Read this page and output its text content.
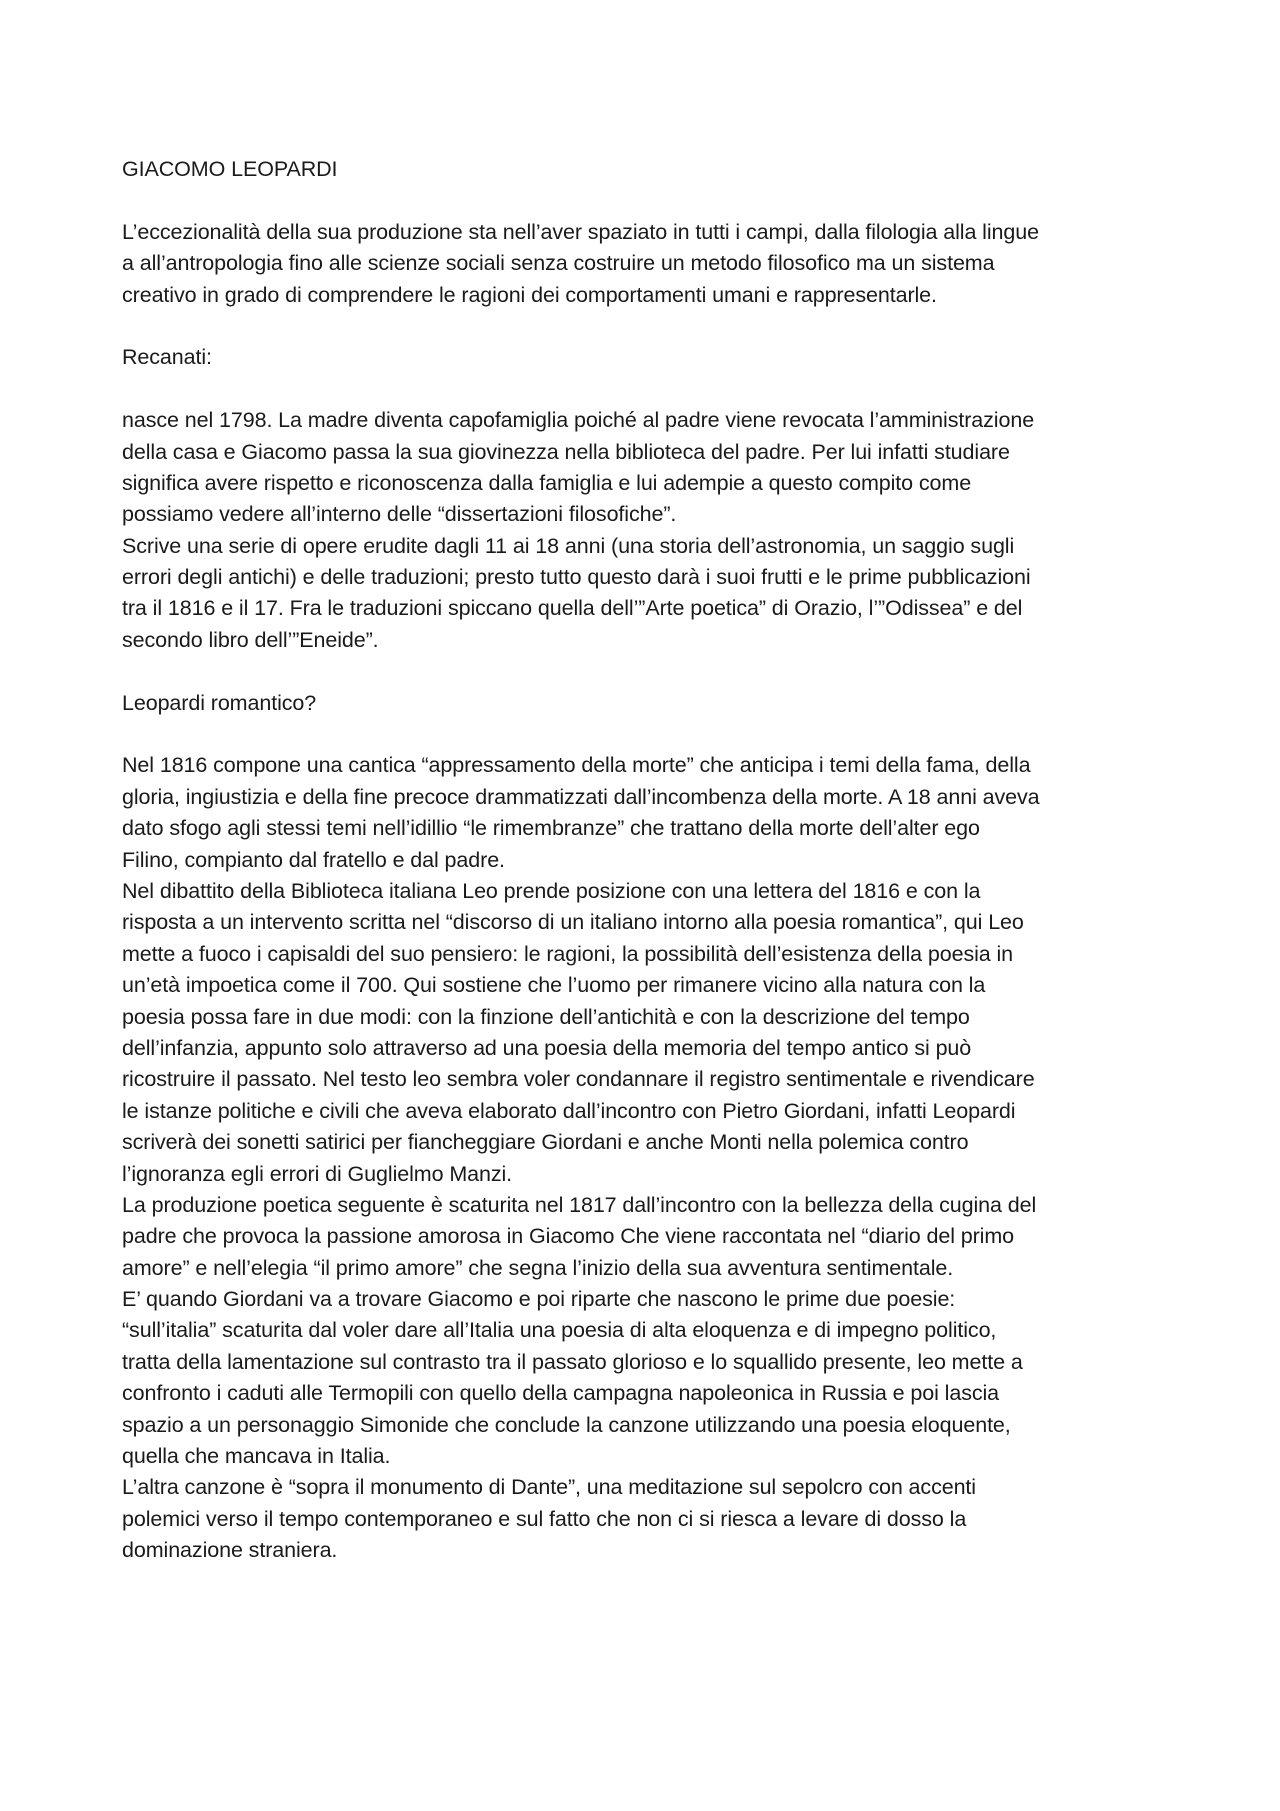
GIACOMO LEOPARDI
L’eccezionalità della sua produzione sta nell’aver spaziato in tutti i campi, dalla filologia alla lingue
a all’antropologia fino alle scienze sociali senza costruire un metodo filosofico ma un sistema
creativo in grado di comprendere le ragioni dei comportamenti umani e rappresentarle.
Recanati:
nasce nel 1798. La madre diventa capofamiglia poiché al padre viene revocata l’amministrazione
della casa e Giacomo passa la sua giovinezza nella biblioteca del padre. Per lui infatti studiare
significa avere rispetto e riconoscenza dalla famiglia e lui adempie a questo compito come
possiamo vedere all’interno delle “dissertazioni filosofiche”.
Scrive una serie di opere erudite dagli 11 ai 18 anni (una storia dell’astronomia, un saggio sugli
errori degli antichi) e delle traduzioni; presto tutto questo darà i suoi frutti e le prime pubblicazioni
tra il 1816 e il 17. Fra le traduzioni spiccano quella dell’”Arte poetica” di Orazio, l’”Odissea” e del
secondo libro dell’”Eneide”.
Leopardi romantico?
Nel 1816 compone una cantica “appressamento della morte” che anticipa i temi della fama, della
gloria, ingiustizia e della fine precoce drammatizzati dall’incombenza della morte. A 18 anni aveva
dato sfogo agli stessi temi nell’idillio “le rimembranze” che trattano della morte dell’alter ego
Filino, compianto dal fratello e dal padre.
Nel dibattito della Biblioteca italiana Leo prende posizione con una lettera del 1816 e con la
risposta a un intervento scritta nel “discorso di un italiano intorno alla poesia romantica”, qui Leo
mette a fuoco i capisaldi del suo pensiero: le ragioni, la possibilità dell’esistenza della poesia in
un’età impoetica come il 700. Qui sostiene che l’uomo per rimanere vicino alla natura con la
poesia possa fare in due modi: con la finzione dell’antichità e con la descrizione del tempo
dell’infanzia, appunto solo attraverso ad una poesia della memoria del tempo antico si può
ricostruire il passato. Nel testo leo sembra voler condannare il registro sentimentale e rivendicare
le istanze politiche e civili che aveva elaborato dall’incontro con Pietro Giordani, infatti Leopardi
scriverà dei sonetti satirici per fiancheggiare Giordani e anche Monti nella polemica contro
l’ignoranza egli errori di Guglielmo Manzi.
La produzione poetica seguente è scaturita nel 1817 dall’incontro con la bellezza della cugina del
padre che provoca la passione amorosa in Giacomo Che viene raccontata nel “diario del primo
amore” e nell’elegia “il primo amore” che segna l’inizio della sua avventura sentimentale.
E’ quando Giordani va a trovare Giacomo e poi riparte che nascono le prime due poesie:
“sull’italia” scaturita dal voler dare all’Italia una poesia di alta eloquenza e di impegno politico,
tratta della lamentazione sul contrasto tra il passato glorioso e lo squallido presente, leo mette a
confronto i caduti alle Termopili con quello della campagna napoleonica in Russia e poi lascia
spazio a un personaggio Simonide che conclude la canzone utilizzando una poesia eloquente,
quella che mancava in Italia.
L’altra canzone è “sopra il monumento di Dante”, una meditazione sul sepolcro con accenti
polemici verso il tempo contemporaneo e sul fatto che non ci si riesca a levare di dosso la
dominazione straniera.
